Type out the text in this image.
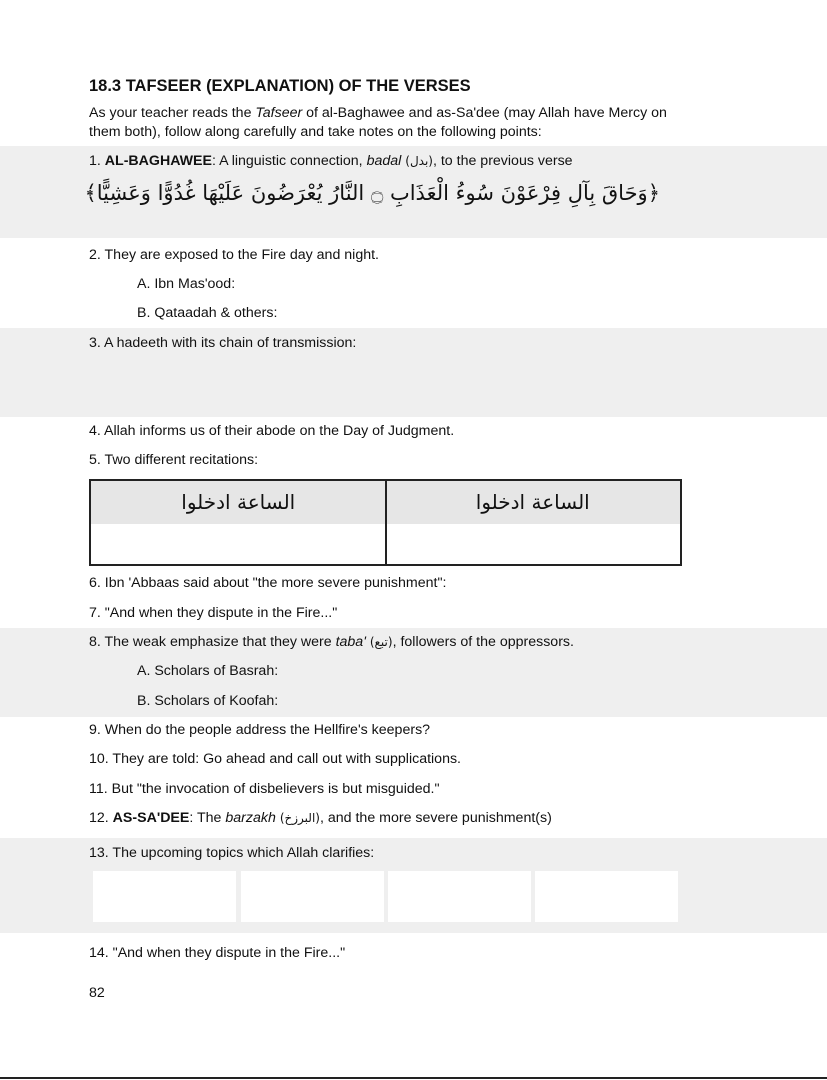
18.3 TAFSEER (EXPLANATION) OF THE VERSES
As your teacher reads the Tafseer of al-Baghawee and as-Sa'dee (may Allah have Mercy on
them both), follow along carefully and take notes on the following points:
1. AL-BAGHAWEE: A linguistic connection, badal (بدل), to the previous verse
﴿وَحَاقَ بِآلِ فِرْعَوْنَ سُوءُ الْعَذَابِ ۝ النَّارُ يُعْرَضُونَ عَلَيْهَا غُدُوًّا وَعَشِيًّا﴾
2. They are exposed to the Fire day and night.
A. Ibn Mas'ood:
B. Qataadah & others:
3. A hadeeth with its chain of transmission:
4. Allah informs us of their abode on the Day of Judgment.
5. Two different recitations:
الساعة ادخلوا	الساعة ادخلوا
6. Ibn 'Abbaas said about "the more severe punishment":
7. "And when they dispute in the Fire..."
8. The weak emphasize that they were taba' (تبع), followers of the oppressors.
A. Scholars of Basrah:
B. Scholars of Koofah:
9. When do the people address the Hellfire's keepers?
10. They are told: Go ahead and call out with supplications.
11. But "the invocation of disbelievers is but misguided."
12. AS-SA'DEE: The barzakh (البرزخ), and the more severe punishment(s)
13. The upcoming topics which Allah clarifies:
14. "And when they dispute in the Fire..."
82
